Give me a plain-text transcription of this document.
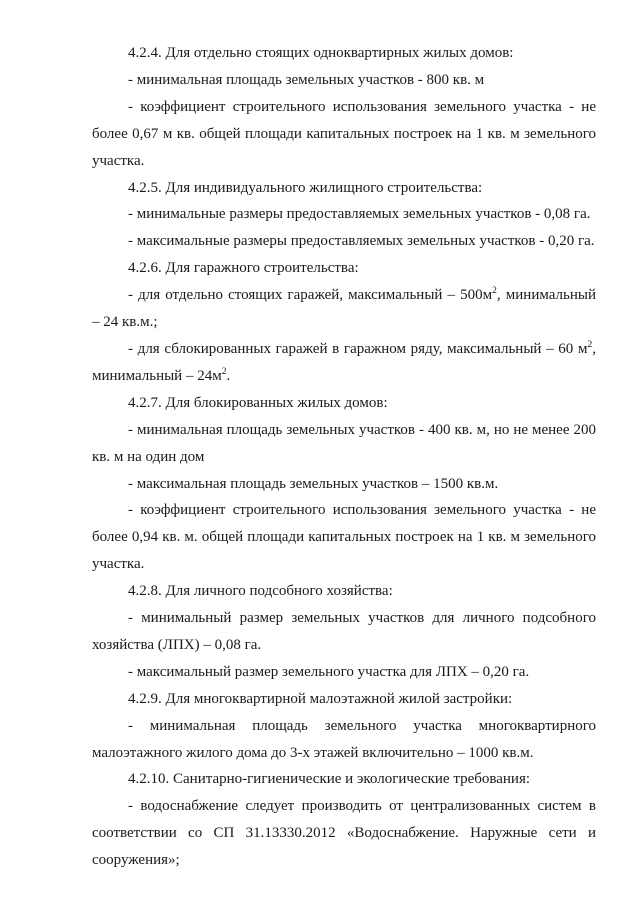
4.2.4. Для отдельно стоящих одноквартирных жилых домов:

- минимальная площадь земельных участков - 800 кв. м

- коэффициент строительного использования земельного участка - не более 0,67 м кв. общей площади капитальных построек на 1 кв. м земельного участка.

4.2.5. Для индивидуального жилищного строительства:

- минимальные размеры предоставляемых земельных участков - 0,08 га.

- максимальные размеры предоставляемых земельных участков - 0,20 га.

4.2.6. Для гаражного строительства:

- для отдельно стоящих гаражей, максимальный – $500м^2$, минимальный – 24 кв.м.;

- для сблокированных гаражей в гаражном ряду, максимальный – 60 $м^2$, минимальный – $24м^2$.

4.2.7. Для блокированных жилых домов:

- минимальная площадь земельных участков - 400 кв. м, но не менее 200 кв. м на один дом

- максимальная площадь земельных участков – 1500 кв.м.

- коэффициент строительного использования земельного участка - не более 0,94 кв. м. общей площади капитальных построек на 1 кв. м земельного участка.

4.2.8. Для личного подсобного хозяйства:

- минимальный размер земельных участков для личного подсобного хозяйства (ЛПХ) – 0,08 га.

- максимальный размер земельного участка для ЛПХ – 0,20 га.

4.2.9. Для многоквартирной малоэтажной жилой застройки:

- минимальная площадь земельного участка многоквартирного малоэтажного жилого дома до 3-х этажей включительно – 1000 кв.м.

4.2.10. Санитарно-гигиенические и экологические требования:

- водоснабжение следует производить от централизованных систем в соответствии со СП 31.13330.2012 «Водоснабжение. Наружные сети и сооружения»;
